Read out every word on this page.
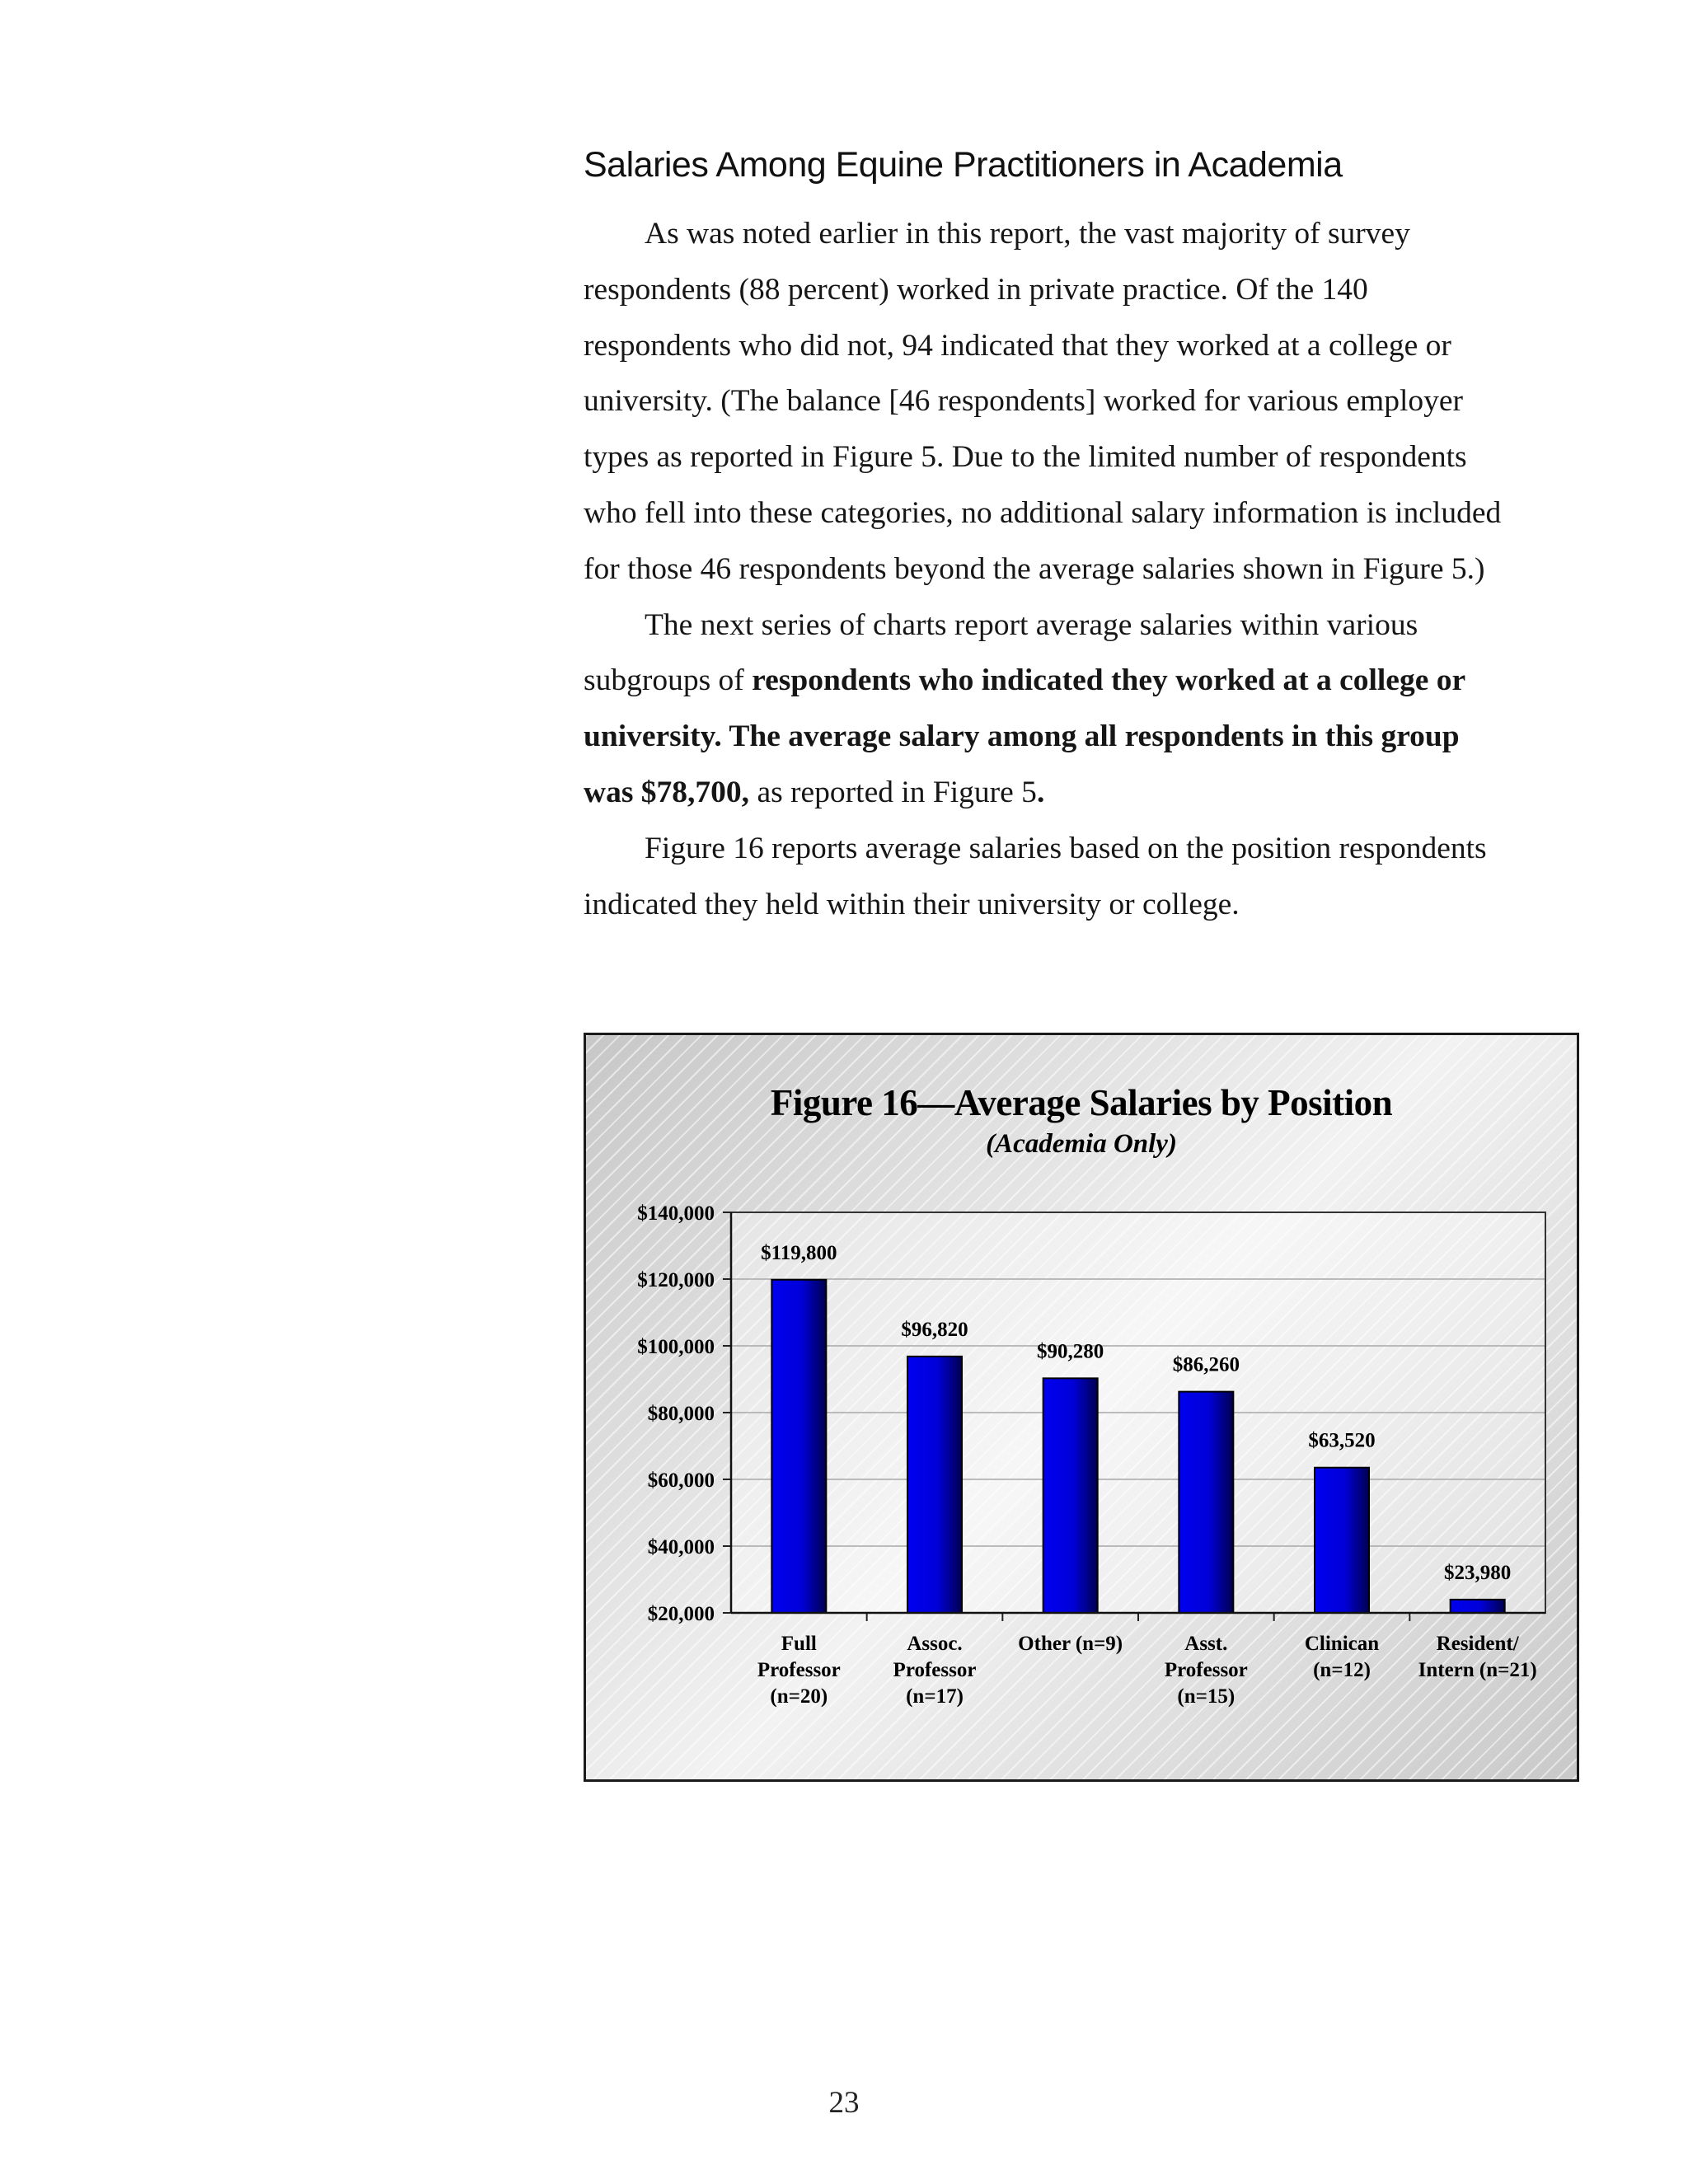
Salaries Among Equine Practitioners in Academia

As was noted earlier in this report, the vast majority of survey respondents (88 percent) worked in private practice. Of the 140 respondents who did not, 94 indicated that they worked at a college or university. (The balance [46 respondents] worked for various employer types as reported in Figure 5. Due to the limited number of respondents who fell into these categories, no additional salary information is included for those 46 respondents beyond the average salaries shown in Figure 5.)

The next series of charts report average salaries within various subgroups of respondents who indicated they worked at a college or university. The average salary among all respondents in this group was $78,700, as reported in Figure 5.

Figure 16 reports average salaries based on the position respondents indicated they held within their university or college.

Figure 16—Average Salaries by Position
(Academia Only)
$20,000
$40,000
$60,000
$80,000
$100,000
$120,000
$140,000
$119,800
Full
Professor
(n=20)
$96,820
Assoc.
Professor
(n=17)
$90,280
Other (n=9)
$86,260
Asst.
Professor
(n=15)
$63,520
Clinican
(n=12)
$23,980
Resident/
Intern (n=21)
23
